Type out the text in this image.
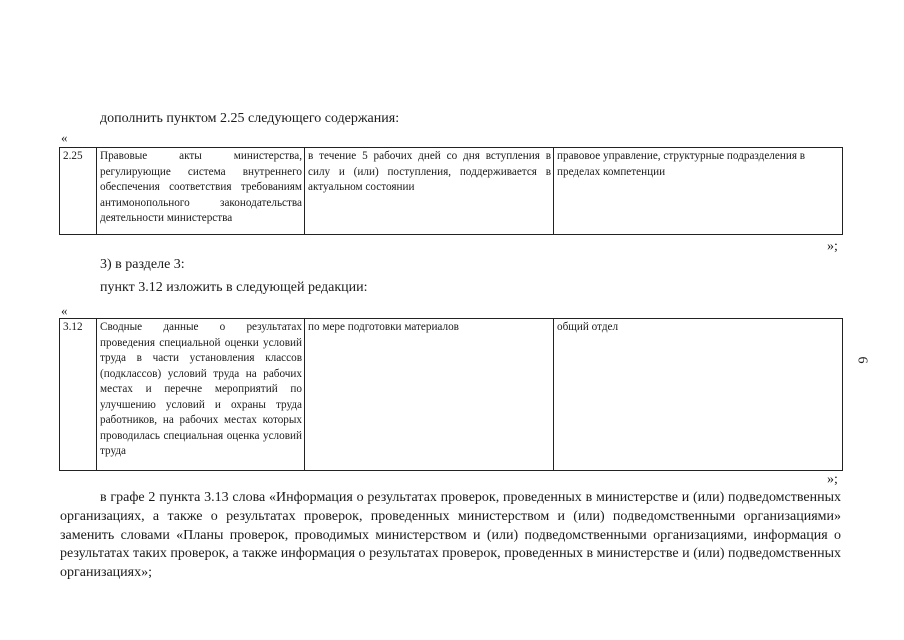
дополнить пунктом 2.25 следующего содержания:
«
2.25	Правовые акты министерства, регулирующие система внутреннего обеспечения соответствия требованиям антимонопольного законодательства деятельности министерства	в течение 5 рабочих дней со дня вступления в силу и (или) поступления, поддерживается в актуальном состоянии	правовое управление, структурные подразделения в пределах компетенции
»;
3) в разделе 3:
пункт 3.12 изложить в следующей редакции:
«
3.12	Сводные данные о результатах проведения специальной оценки условий труда в части установления классов (подклассов) условий труда на рабочих местах и перечне мероприятий по улучшению условий и охраны труда работников, на рабочих местах которых проводилась специальная оценка условий труда	по мере подготовки материалов	общий отдел
»;
6
в графе 2 пункта 3.13 слова «Информация о результатах проверок, проведенных в министерстве и (или) подведомственных организациях, а также о результатах проверок, проведенных министерством и (или) подведомственными организациями» заменить словами «Планы проверок, проводимых министерством и (или) подведомственными организациями, информация о результатах таких проверок, а также информация о результатах проверок, проведенных в министерстве и (или) подведомственных организациях»;
